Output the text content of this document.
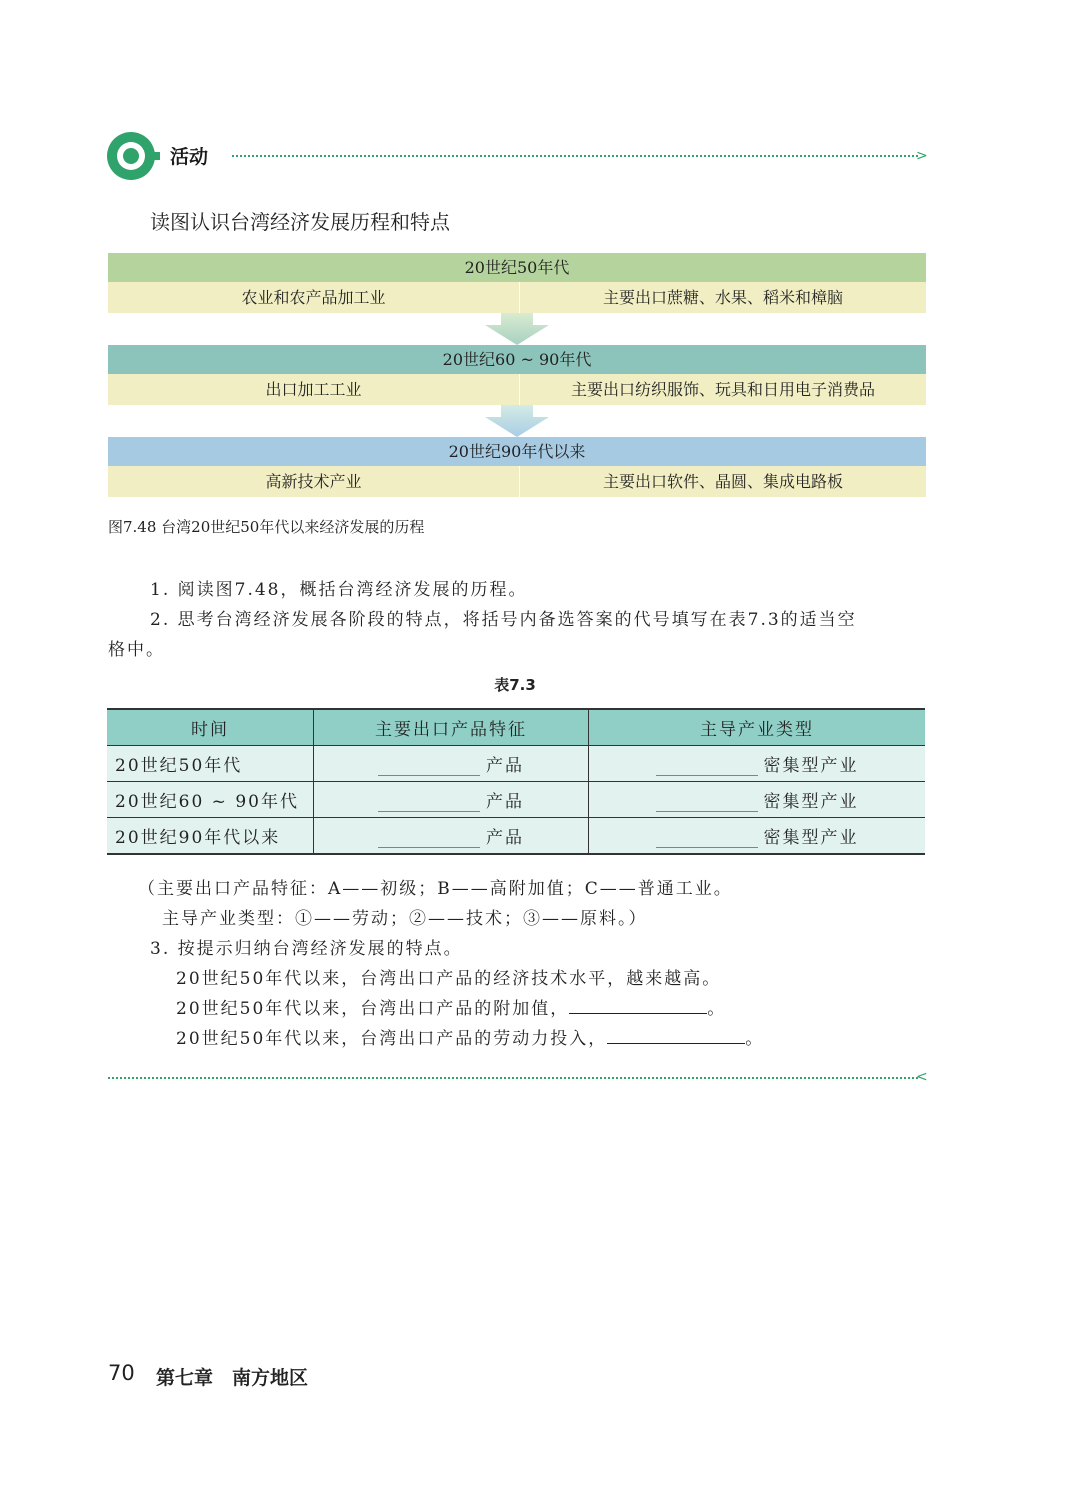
活动	>
读图认识台湾经济发展历程和特点
20世纪50年代
农业和农产品加工业	主要出口蔗糖、水果、稻米和樟脑
20世纪60 ~ 90年代
出口加工工业	主要出口纺织服饰、玩具和日用电子消费品
20世纪90年代以来
高新技术产业	主要出口软件、晶圆、集成电路板
图7.48 台湾20世纪50年代以来经济发展的历程
1. 阅读图7.48，概括台湾经济发展的历程。
2. 思考台湾经济发展各阶段的特点，将括号内备选答案的代号填写在表7.3的适当空
格中。
表7.3
时间	主要出口产品特征	主导产业类型
20世纪50年代	产品	密集型产业
20世纪60 ~ 90年代	产品	密集型产业
20世纪90年代以来	产品	密集型产业
（主要出口产品特征：A——初级；B——高附加值；C——普通工业。
主导产业类型：①——劳动；②——技术；③——原料。）
3. 按提示归纳台湾经济发展的特点。
20世纪50年代以来，台湾出口产品的经济技术水平，越来越高。
20世纪50年代以来，台湾出口产品的附加值，	。
20世纪50年代以来，台湾出口产品的劳动力投入，	。
<
70 第七章　南方地区
